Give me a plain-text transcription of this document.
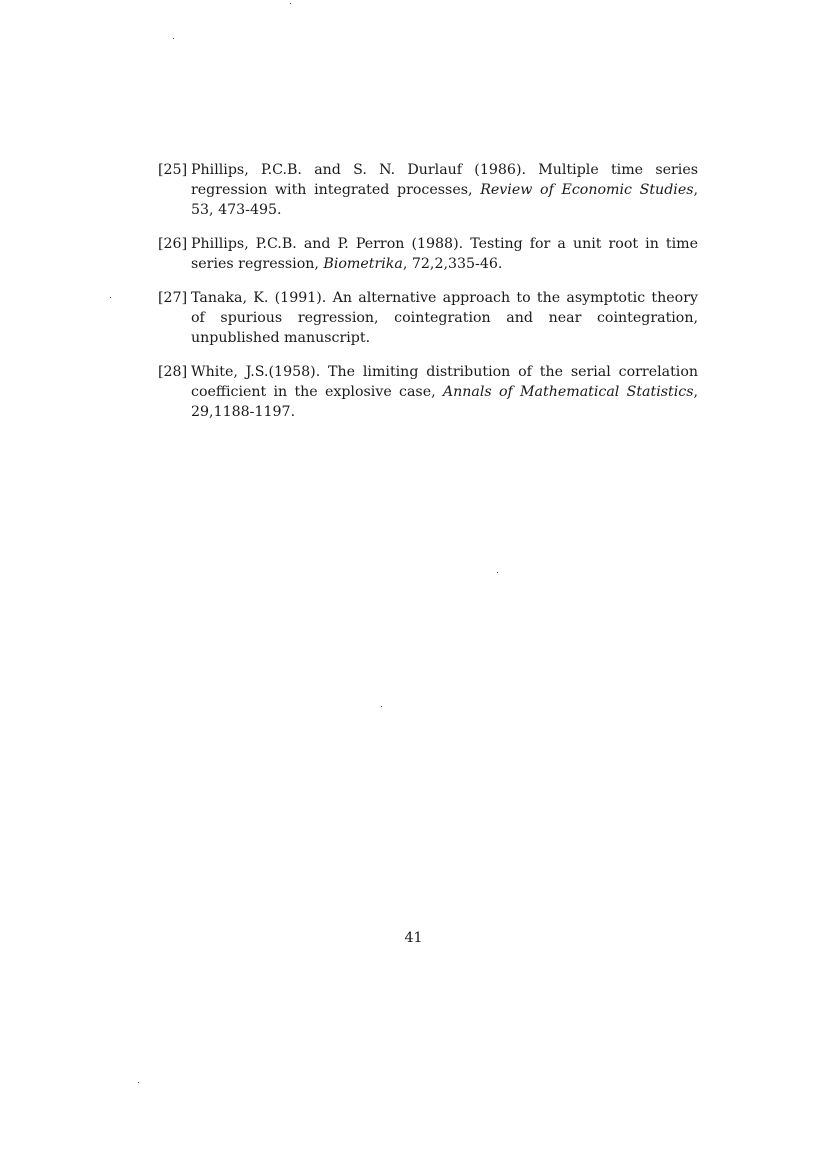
[25] Phillips, P.C.B. and S. N. Durlauf (1986). Multiple time series regression with integrated processes, Review of Economic Studies, 53, 473-495.
[26] Phillips, P.C.B. and P. Perron (1988). Testing for a unit root in time series regression, Biometrika, 72,2,335-46.
[27] Tanaka, K. (1991). An alternative approach to the asymptotic theory of spurious regression, cointegration and near cointegration, unpublished manuscript.
[28] White, J.S.(1958). The limiting distribution of the serial correlation coefficient in the explosive case, Annals of Mathematical Statistics, 29,1188-1197.
41
